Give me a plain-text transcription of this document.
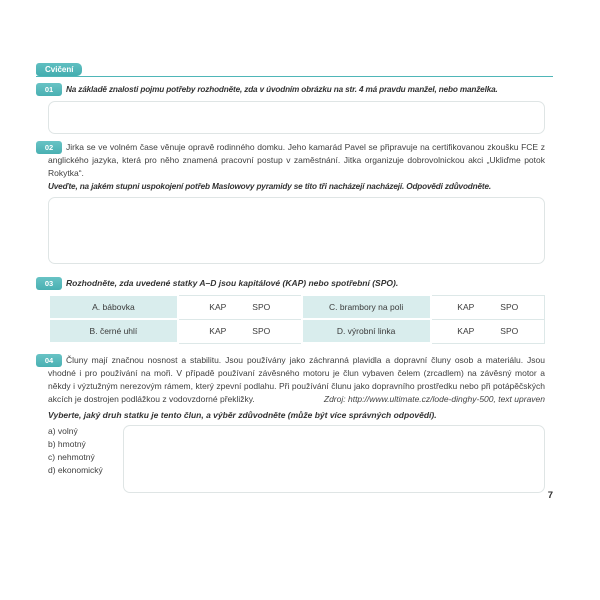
Cvičení
01	Na základě znalosti pojmu potřeby rozhodněte, zda v úvodním obrázku na str. 4 má pravdu manžel, nebo manželka.

02	Jirka se ve volném čase věnuje opravě rodinného domku. Jeho kamarád Pavel se připravuje na certifikovanou zkoušku FCE z anglického jazyka, která pro něho znamená pracovní postup v zaměstnání. Jitka organizuje dobrovolnickou akci „Ukliďme potok Rokytka“.

Uveďte, na jakém stupni uspokojení potřeb Maslowovy pyramidy se tito tři nacházejí nacházejí. Odpovědi zdůvodněte.

03	Rozhodněte, zda uvedené statky A–D jsou kapitálové (KAP) nebo spotřební (SPO).

A. bábovka	KAP SPO	C. brambory na poli	KAP SPO
B. černé uhlí	KAP SPO	D. výrobní linka	KAP SPO
04	Čluny mají značnou nosnost a stabilitu. Jsou používány jako záchranná plavidla a dopravní čluny osob a materiálu. Jsou vhodné i pro používání na moři. V případě používaní závěsného motoru je člun vybaven čelem (zrcadlem) na závěsný motor a někdy i výztužným nerezovým rámem, který zpevní podlahu. Při používání člunu jako dopravního prostředku nebo při potápěčských akcích je dostrojen podlážkou z vodovzdorné překližky.	Zdroj: http://www.ultimate.cz/lode-dinghy-500, text upraven

Vyberte, jaký druh statku je tento člun, a výběr zdůvodněte (může být více správných odpovědí).

a) volný
b) hmotný
c) nehmotný
d) ekonomický
7
